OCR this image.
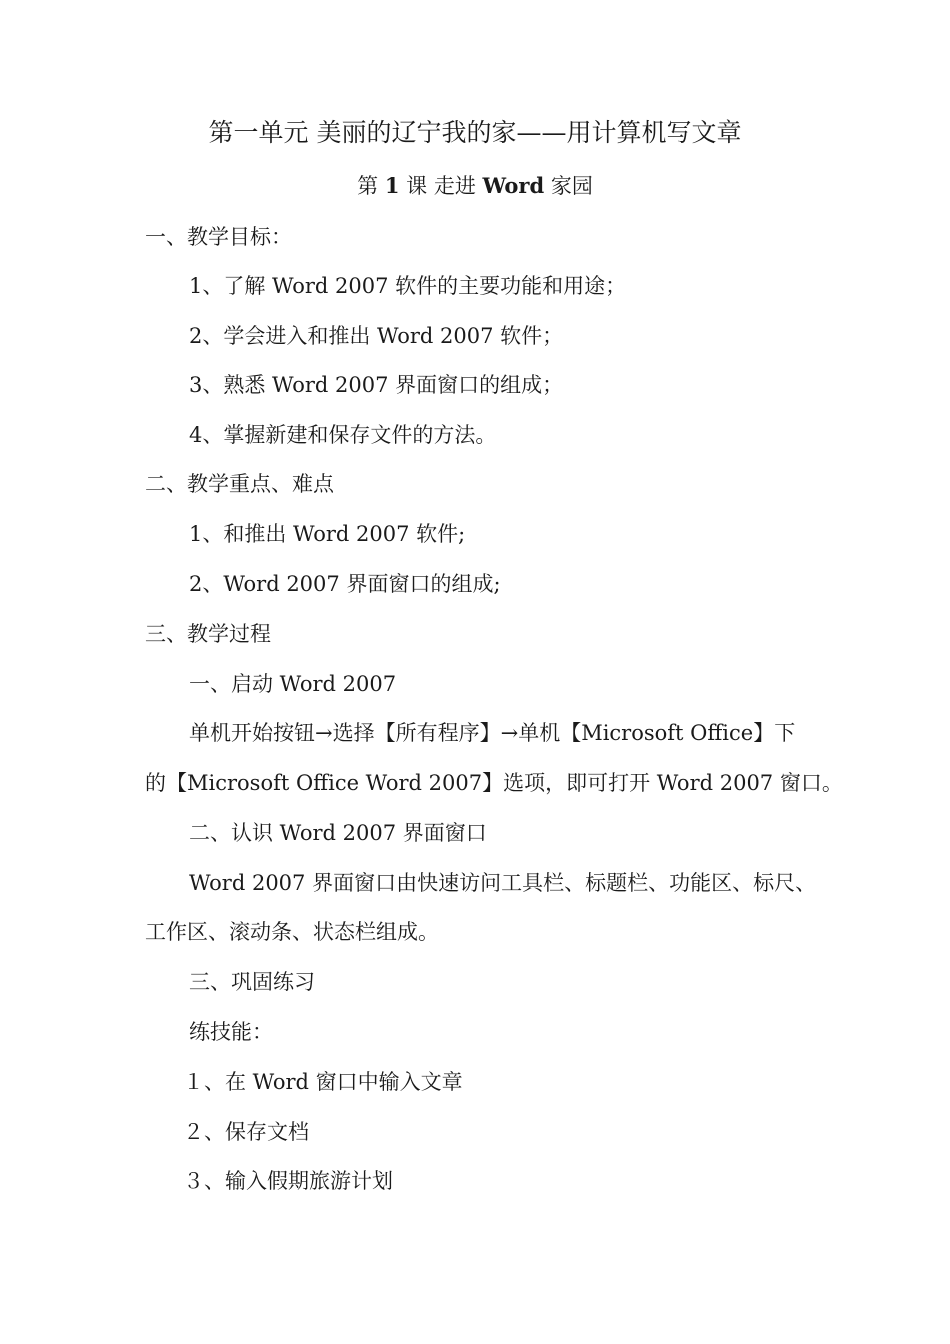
第一单元 美丽的辽宁我的家——用计算机写文章
第 1 课 走进 Word 家园
一、教学目标：
1、了解 Word 2007 软件的主要功能和用途；
2、学会进入和推出 Word 2007 软件；
3、熟悉 Word 2007 界面窗口的组成；
4、掌握新建和保存文件的方法。
二、教学重点、难点
1、和推出 Word 2007 软件;
2、Word 2007 界面窗口的组成;
三、教学过程
一、启动 Word 2007
单机开始按钮→选择【所有程序】→单机【Microsoft Office】下
的【Microsoft Office Word 2007】选项，即可打开 Word 2007 窗口。
二、认识 Word 2007 界面窗口
Word 2007 界面窗口由快速访问工具栏、标题栏、功能区、标尺、
工作区、滚动条、状态栏组成。
三、巩固练习
练技能：
１、在 Word 窗口中输入文章
２、保存文档
３、输入假期旅游计划
